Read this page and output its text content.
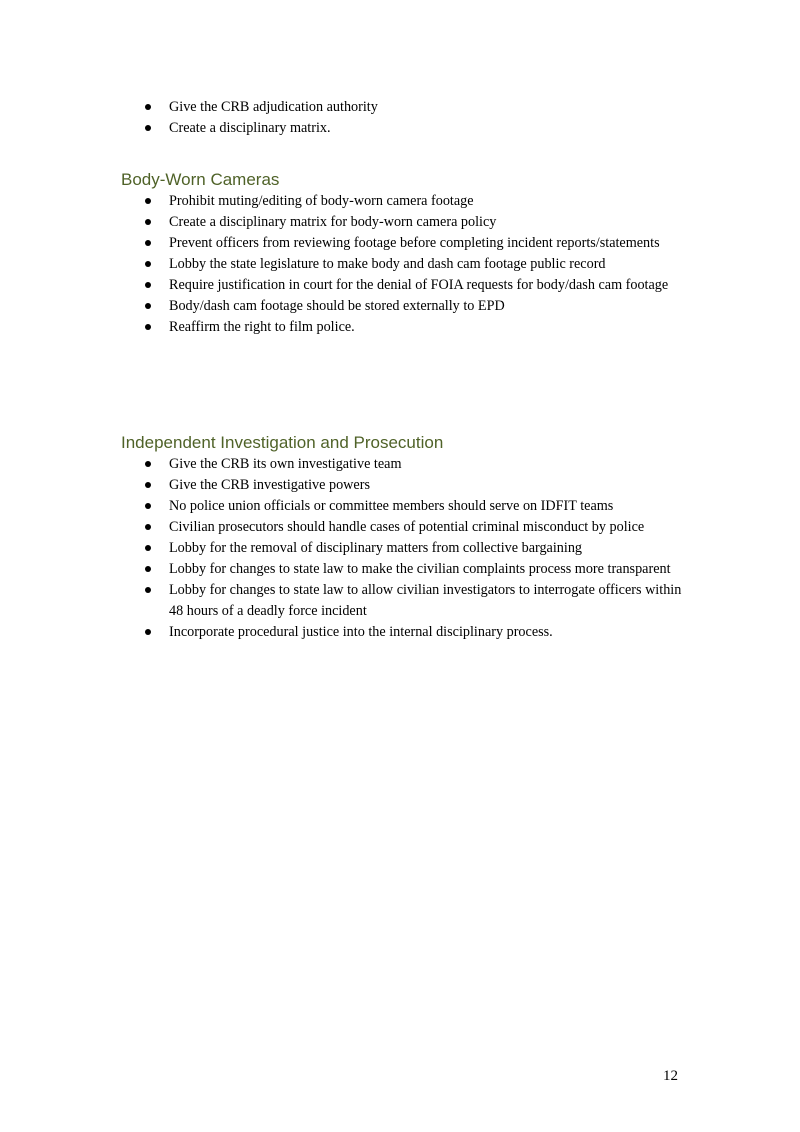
Give the CRB adjudication authority
Create a disciplinary matrix.
Body-Worn Cameras
Prohibit muting/editing of body-worn camera footage
Create a disciplinary matrix for body-worn camera policy
Prevent officers from reviewing footage before completing incident reports/statements
Lobby the state legislature to make body and dash cam footage public record
Require justification in court for the denial of FOIA requests for body/dash cam footage
Body/dash cam footage should be stored externally to EPD
Reaffirm the right to film police.
Independent Investigation and Prosecution
Give the CRB its own investigative team
Give the CRB investigative powers
No police union officials or committee members should serve on IDFIT teams
Civilian prosecutors should handle cases of potential criminal misconduct by police
Lobby for the removal of disciplinary matters from collective bargaining
Lobby for changes to state law to make the civilian complaints process more transparent
Lobby for changes to state law to allow civilian investigators to interrogate officers within 48 hours of a deadly force incident
Incorporate procedural justice into the internal disciplinary process.
12
